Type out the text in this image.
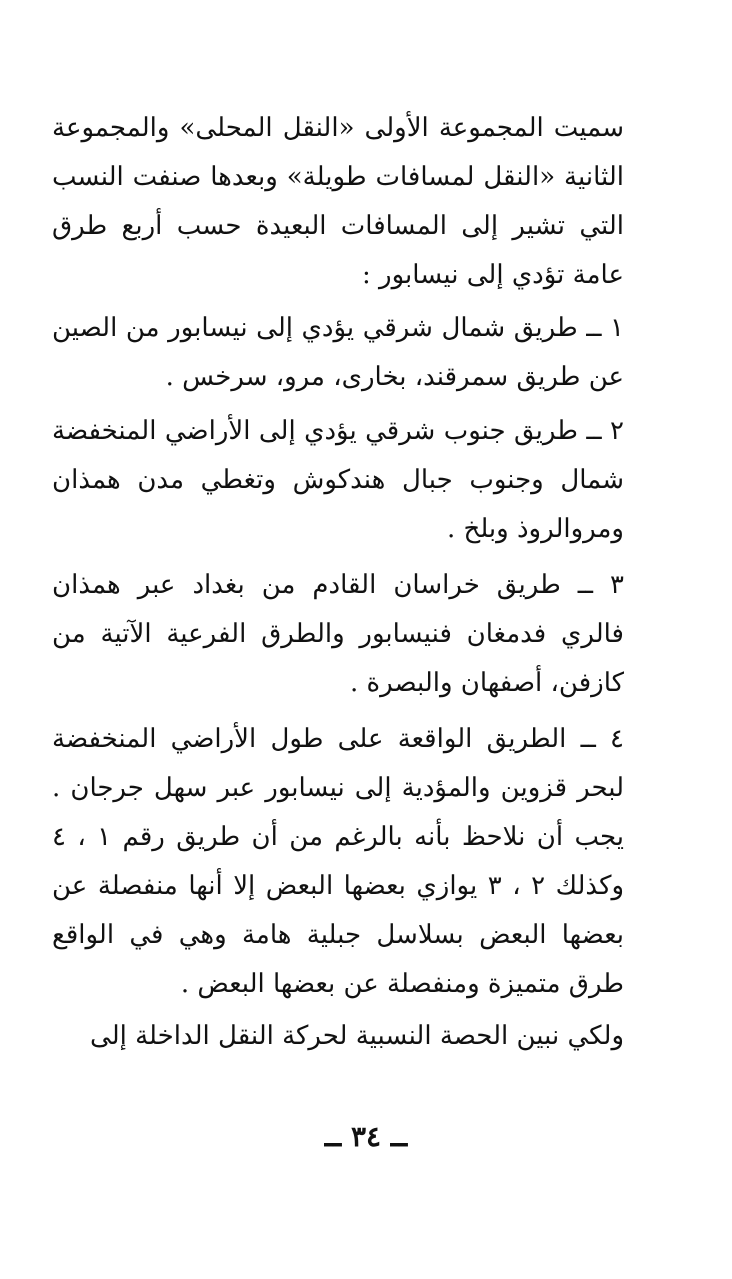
سميت المجموعة الأولى «النقل المحلى» والمجموعة الثانية «النقل لمسافات طويلة» وبعدها صنفت النسب التي تشير إلى المسافات البعيدة حسب أربع طرق عامة تؤدي إلى نيسابور :

١ ــ طريق شمال شرقي يؤدي إلى نيسابور من الصين عن طريق سمرقند، بخارى، مرو، سرخس .

٢ ــ طريق جنوب شرقي يؤدي إلى الأراضي المنخفضة شمال وجنوب جبال هندكوش وتغطي مدن همذان ومروالروذ وبلخ .

٣ ــ طريق خراسان القادم من بغداد عبر همذان فالري فدمغان فنيسابور والطرق الفرعية الآتية من كازفن، أصفهان والبصرة .

٤ ــ الطريق الواقعة على طول الأراضي المنخفضة لبحر قزوين والمؤدية إلى نيسابور عبر سهل جرجان . يجب أن نلاحظ بأنه بالرغم من أن طريق رقم ١ ، ٤ وكذلك ٢ ، ٣ يوازي بعضها البعض إلا أنها منفصلة عن بعضها البعض بسلاسل جبلية هامة وهي في الواقع طرق متميزة ومنفصلة عن بعضها البعض .

ولكي نبين الحصة النسبية لحركة النقل الداخلة إلى

ــ ٣٤ ــ
